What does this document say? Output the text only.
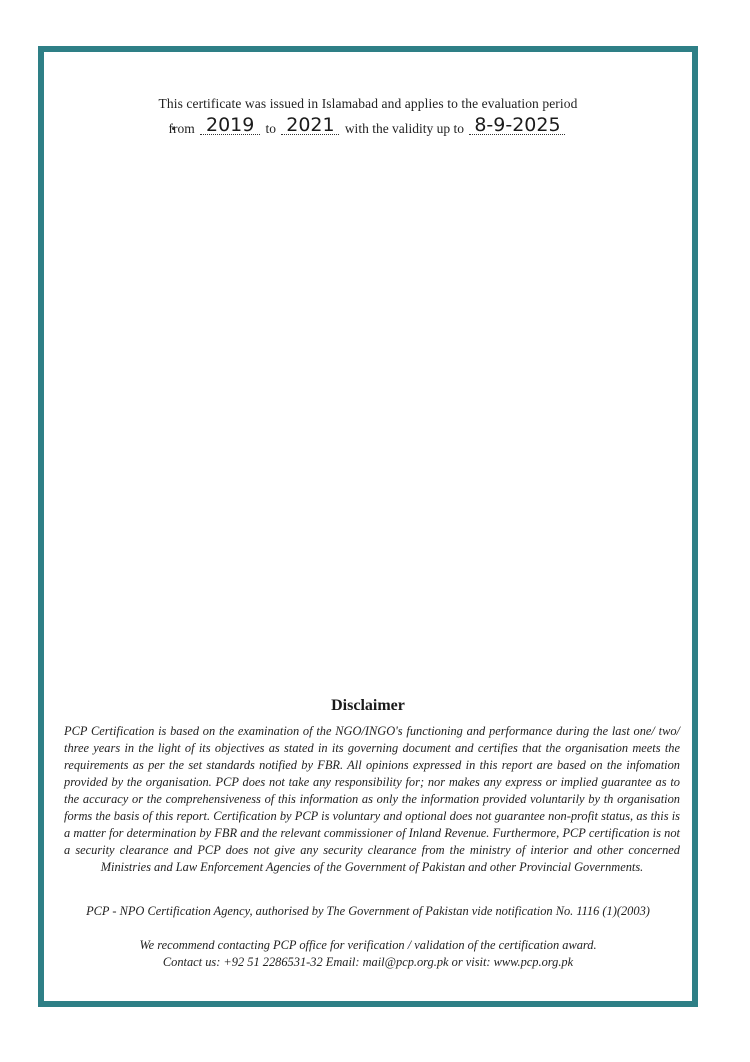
This certificate was issued in Islamabad and applies to the evaluation period
from 2019 to 2021 with the validity up to 8-9-2025
Disclaimer
PCP Certification is based on the examination of the NGO/INGO's functioning and performance during the last one/ two/ three years in the light of its objectives as stated in its governing document and certifies that the organisation meets the requirements as per the set standards notified by FBR. All opinions expressed in this report are based on the infomation provided by the organisation. PCP does not take any responsibility for; nor makes any express or implied guarantee as to the accuracy or the comprehensiveness of this information as only the information provided voluntarily by th organisation forms the basis of this report. Certification by PCP is voluntary and optional does not guarantee non-profit status, as this is a matter for determination by FBR and the relevant commissioner of Inland Revenue. Furthermore, PCP certification is not a security clearance and PCP does not give any security clearance from the ministry of interior and other concerned Ministries and Law Enforcement Agencies of the Government of Pakistan and other Provincial Governments.
PCP - NPO Certification Agency, authorised by The Government of Pakistan vide notification No. 1116 (1)(2003)
We recommend contacting PCP office for verification / validation of the certification award.
Contact us: +92 51 2286531-32 Email: mail@pcp.org.pk or visit: www.pcp.org.pk
